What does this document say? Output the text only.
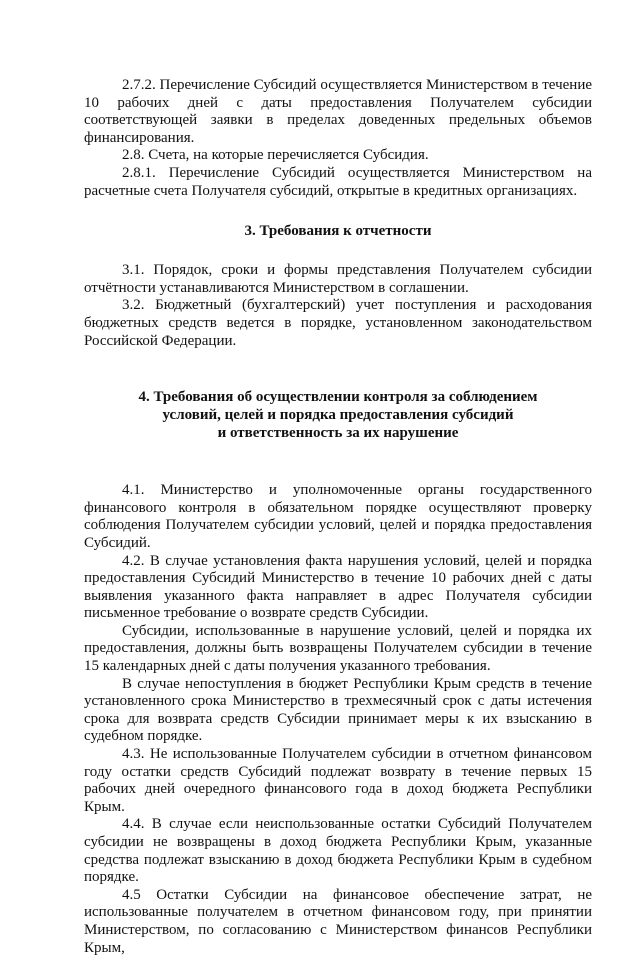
2.7.2. Перечисление Субсидий осуществляется Министерством в течение 10 рабочих дней с даты предоставления Получателем субсидии соответствующей заявки в пределах доведенных предельных объемов финансирования.

2.8. Счета, на которые перечисляется Субсидия.

2.8.1. Перечисление Субсидий осуществляется Министерством на расчетные счета Получателя субсидий, открытые в кредитных организациях.

3. Требования к отчетности

3.1. Порядок, сроки и формы представления Получателем субсидии отчётности устанавливаются Министерством в соглашении.

3.2. Бюджетный (бухгалтерский) учет поступления и расходования бюджетных средств ведется в порядке, установленном законодательством Российской Федерации.

4. Требования об осуществлении контроля за соблюдением

условий, целей и порядка предоставления субсидий

и ответственность за их нарушение

4.1. Министерство и уполномоченные органы государственного финансового контроля в обязательном порядке осуществляют проверку соблюдения Получателем субсидии условий, целей и порядка предоставления Субсидий.

4.2. В случае установления факта нарушения условий, целей и порядка предоставления Субсидий Министерство в течение 10 рабочих дней с даты выявления указанного факта направляет в адрес Получателя субсидии письменное требование о возврате средств Субсидии.

Субсидии, использованные в нарушение условий, целей и порядка их предоставления, должны быть возвращены Получателем субсидии в течение 15 календарных дней с даты получения указанного требования.

В случае непоступления в бюджет Республики Крым средств в течение установленного срока Министерство в трехмесячный срок с даты истечения срока для возврата средств Субсидии принимает меры к их взысканию в судебном порядке.

4.3. Не использованные Получателем субсидии в отчетном финансовом году остатки средств Субсидий подлежат возврату в течение первых 15 рабочих дней очередного финансового года в доход бюджета Республики Крым.

4.4. В случае если неиспользованные остатки Субсидий Получателем субсидии не возвращены в доход бюджета Республики Крым, указанные средства подлежат взысканию в доход бюджета Республики Крым в судебном порядке.

4.5 Остатки Субсидии на финансовое обеспечение затрат, не использованные получателем в отчетном финансовом году, при принятии Министерством, по согласованию с Министерством финансов Республики Крым,
